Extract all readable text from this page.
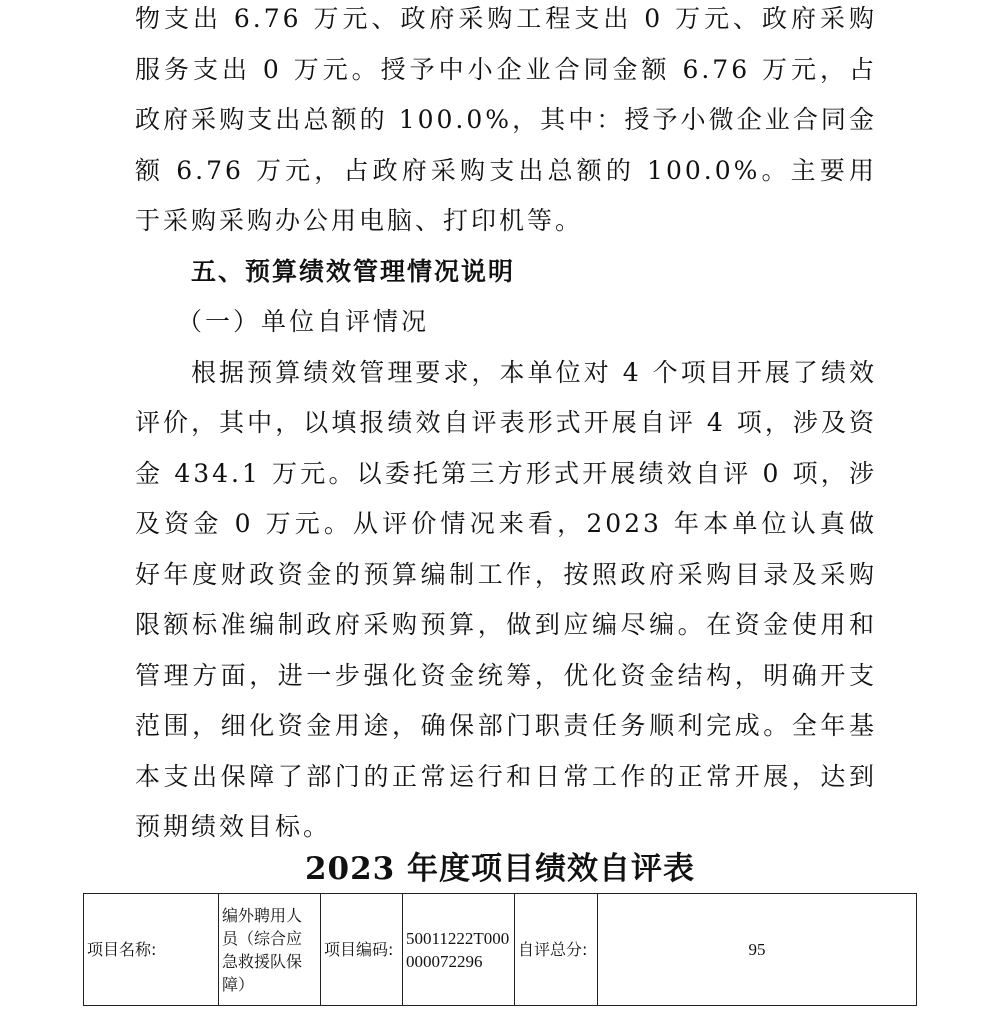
物支出 6.76 万元、政府采购工程支出 0 万元、政府采购服务支出 0 万元。授予中小企业合同金额 6.76 万元，占政府采购支出总额的 100.0%，其中：授予小微企业合同金额 6.76 万元，占政府采购支出总额的 100.0%。主要用于采购采购办公用电脑、打印机等。

五、预算绩效管理情况说明

（一）单位自评情况

根据预算绩效管理要求，本单位对 4 个项目开展了绩效评价，其中，以填报绩效自评表形式开展自评 4 项，涉及资金 434.1 万元。以委托第三方形式开展绩效自评 0 项，涉及资金 0 万元。从评价情况来看，2023 年本单位认真做好年度财政资金的预算编制工作，按照政府采购目录及采购限额标准编制政府采购预算，做到应编尽编。在资金使用和管理方面，进一步强化资金统筹，优化资金结构，明确开支范围，细化资金用途，确保部门职责任务顺利完成。全年基本支出保障了部门的正常运行和日常工作的正常开展，达到预期绩效目标。

2023 年度项目绩效自评表
项目名称:	编外聘用人员（综合应急救援队保障）	项目编码:	50011222T000000072296	自评总分:	95
